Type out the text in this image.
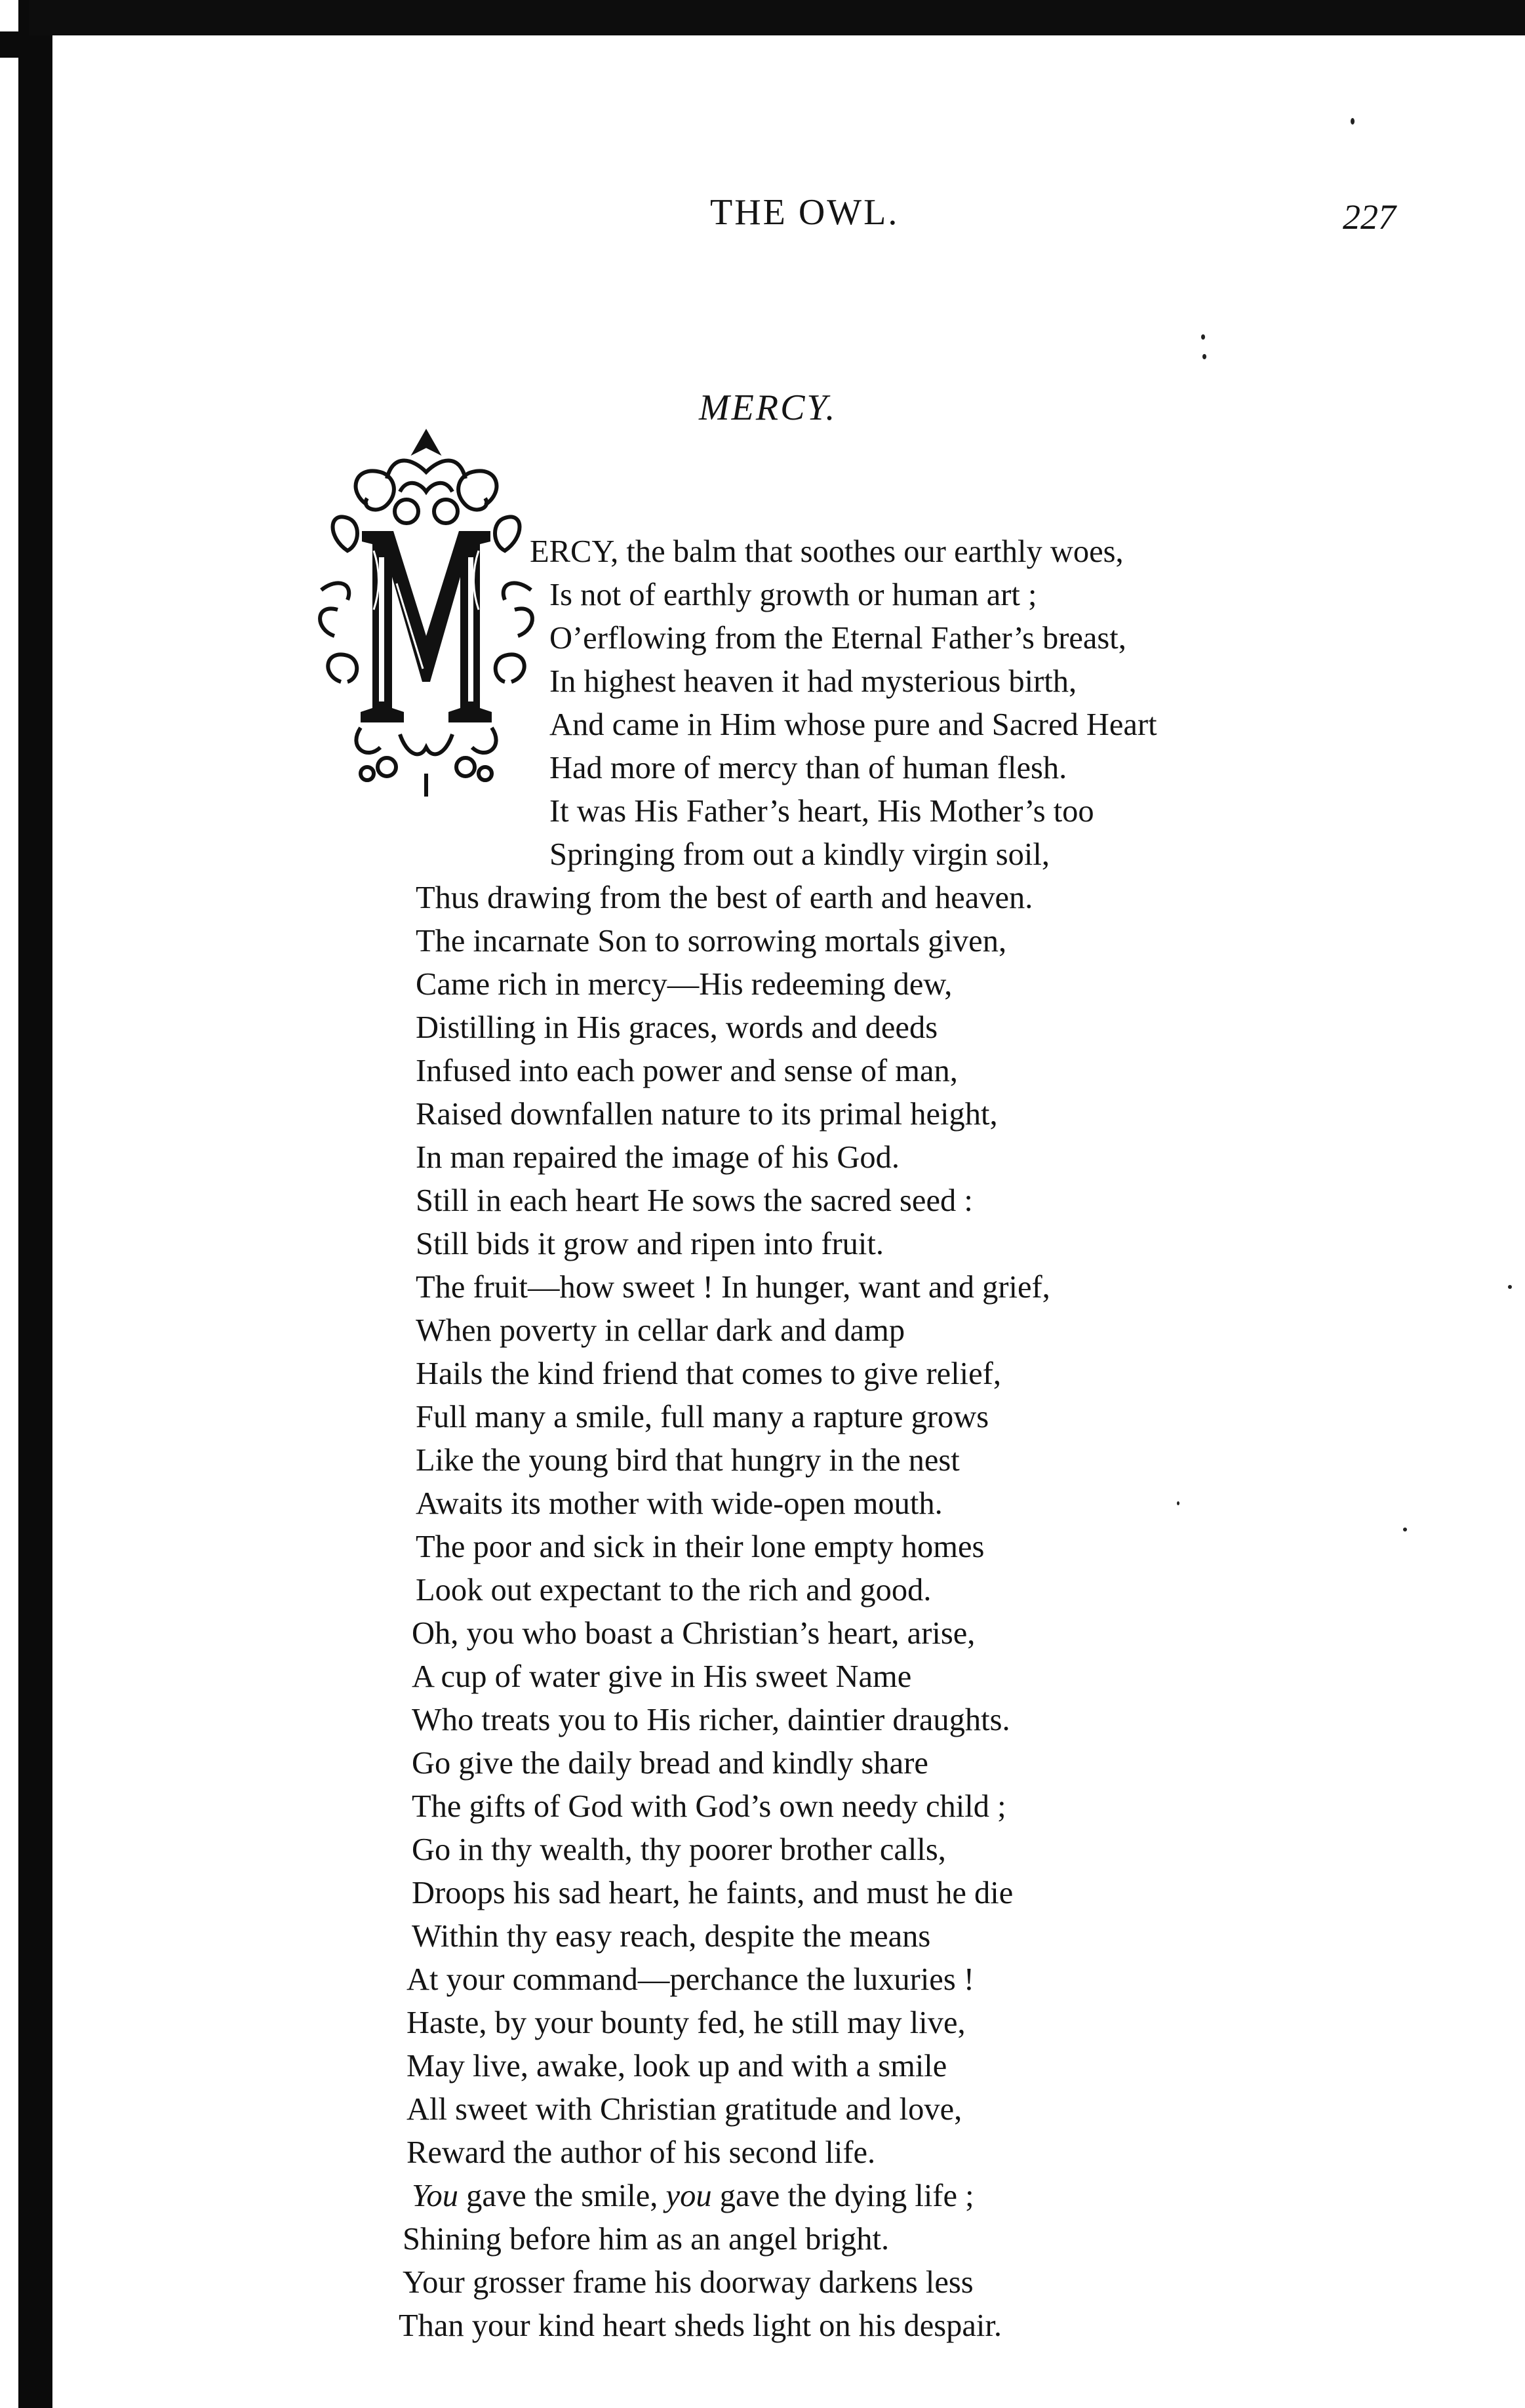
THE OWL.	227
MERCY.
ERCY, the balm that soothes our earthly woes,
Is not of earthly growth or human art ;
O’erflowing from the Eternal Father’s breast,
In highest heaven it had mysterious birth,
And came in Him whose pure and Sacred Heart
Had more of mercy than of human flesh.
It was His Father’s heart, His Mother’s too
Springing from out a kindly virgin soil,
Thus drawing from the best of earth and heaven.
The incarnate Son to sorrowing mortals given,
Came rich in mercy—His redeeming dew,
Distilling in His graces, words and deeds
Infused into each power and sense of man,
Raised downfallen nature to its primal height,
In man repaired the image of his God.
Still in each heart He sows the sacred seed :
Still bids it grow and ripen into fruit.
The fruit—how sweet ! In hunger, want and grief,
When poverty in cellar dark and damp
Hails the kind friend that comes to give relief,
Full many a smile, full many a rapture grows
Like the young bird that hungry in the nest
Awaits its mother with wide-open mouth.
The poor and sick in their lone empty homes
Look out expectant to the rich and good.
Oh, you who boast a Christian’s heart, arise,
A cup of water give in His sweet Name
Who treats you to His richer, daintier draughts.
Go give the daily bread and kindly share
The gifts of God with God’s own needy child ;
Go in thy wealth, thy poorer brother calls,
Droops his sad heart, he faints, and must he die
Within thy easy reach, despite the means
At your command—perchance the luxuries !
Haste, by your bounty fed, he still may live,
May live, awake, look up and with a smile
All sweet with Christian gratitude and love,
Reward the author of his second life.
You gave the smile, you gave the dying life ;
Shining before him as an angel bright.
Your grosser frame his doorway darkens less
Than your kind heart sheds light on his despair.
